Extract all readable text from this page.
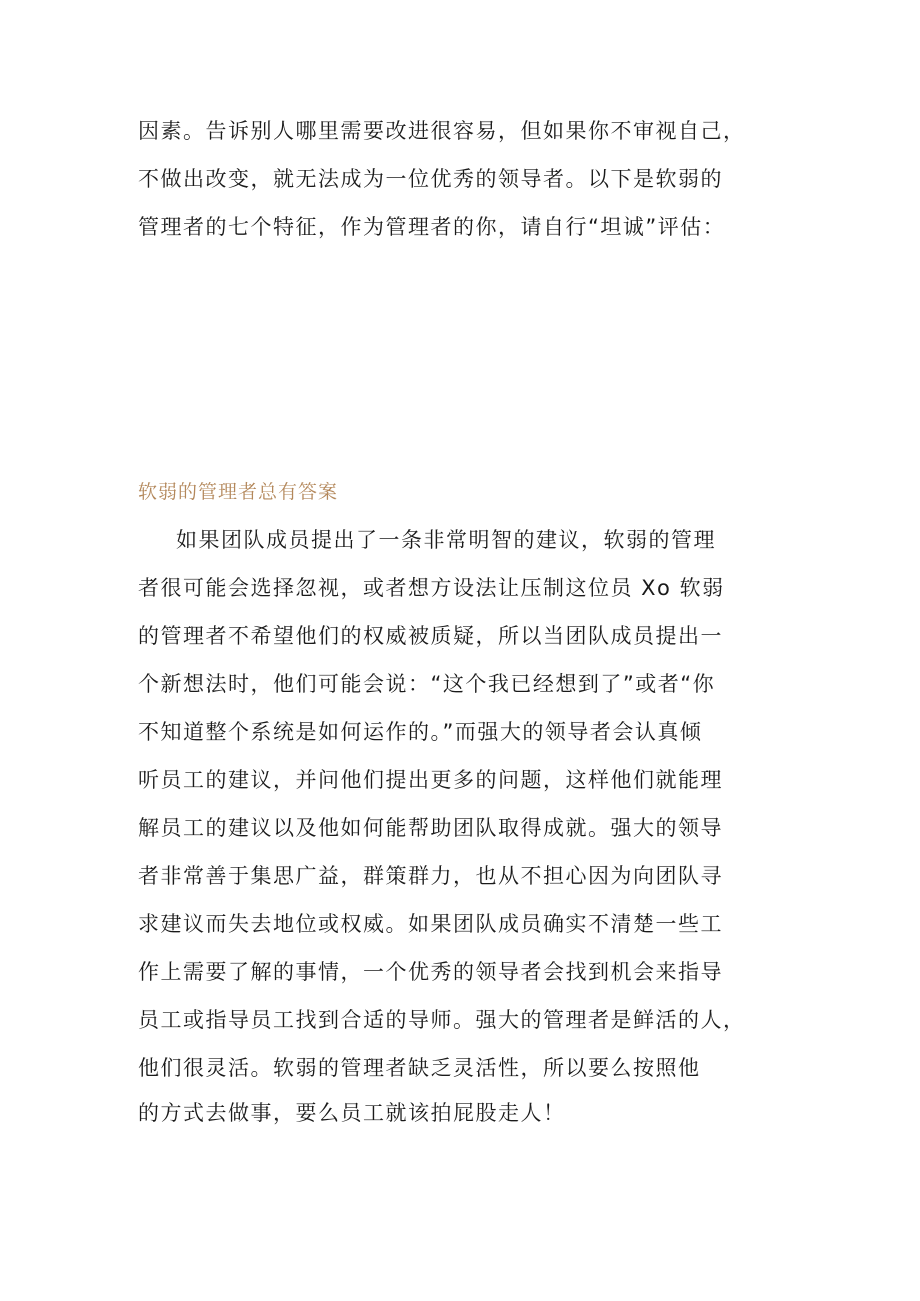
因素。告诉别人哪里需要改进很容易，但如果你不审视自己，
不做出改变，就无法成为一位优秀的领导者。以下是软弱的
管理者的七个特征，作为管理者的你，请自行“坦诚”评估：
软弱的管理者总有答案
如果团队成员提出了一条非常明智的建议，软弱的管理
者很可能会选择忽视，或者想方设法让压制这位员 Xo 软弱
的管理者不希望他们的权威被质疑，所以当团队成员提出一
个新想法时，他们可能会说：“这个我已经想到了”或者“你
不知道整个系统是如何运作的。”而强大的领导者会认真倾
听员工的建议，并问他们提出更多的问题，这样他们就能理
解员工的建议以及他如何能帮助团队取得成就。强大的领导
者非常善于集思广益，群策群力，也从不担心因为向团队寻
求建议而失去地位或权威。如果团队成员确实不清楚一些工
作上需要了解的事情，一个优秀的领导者会找到机会来指导
员工或指导员工找到合适的导师。强大的管理者是鲜活的人，
他们很灵活。软弱的管理者缺乏灵活性，所以要么按照他
的方式去做事，要么员工就该拍屁股走人！
